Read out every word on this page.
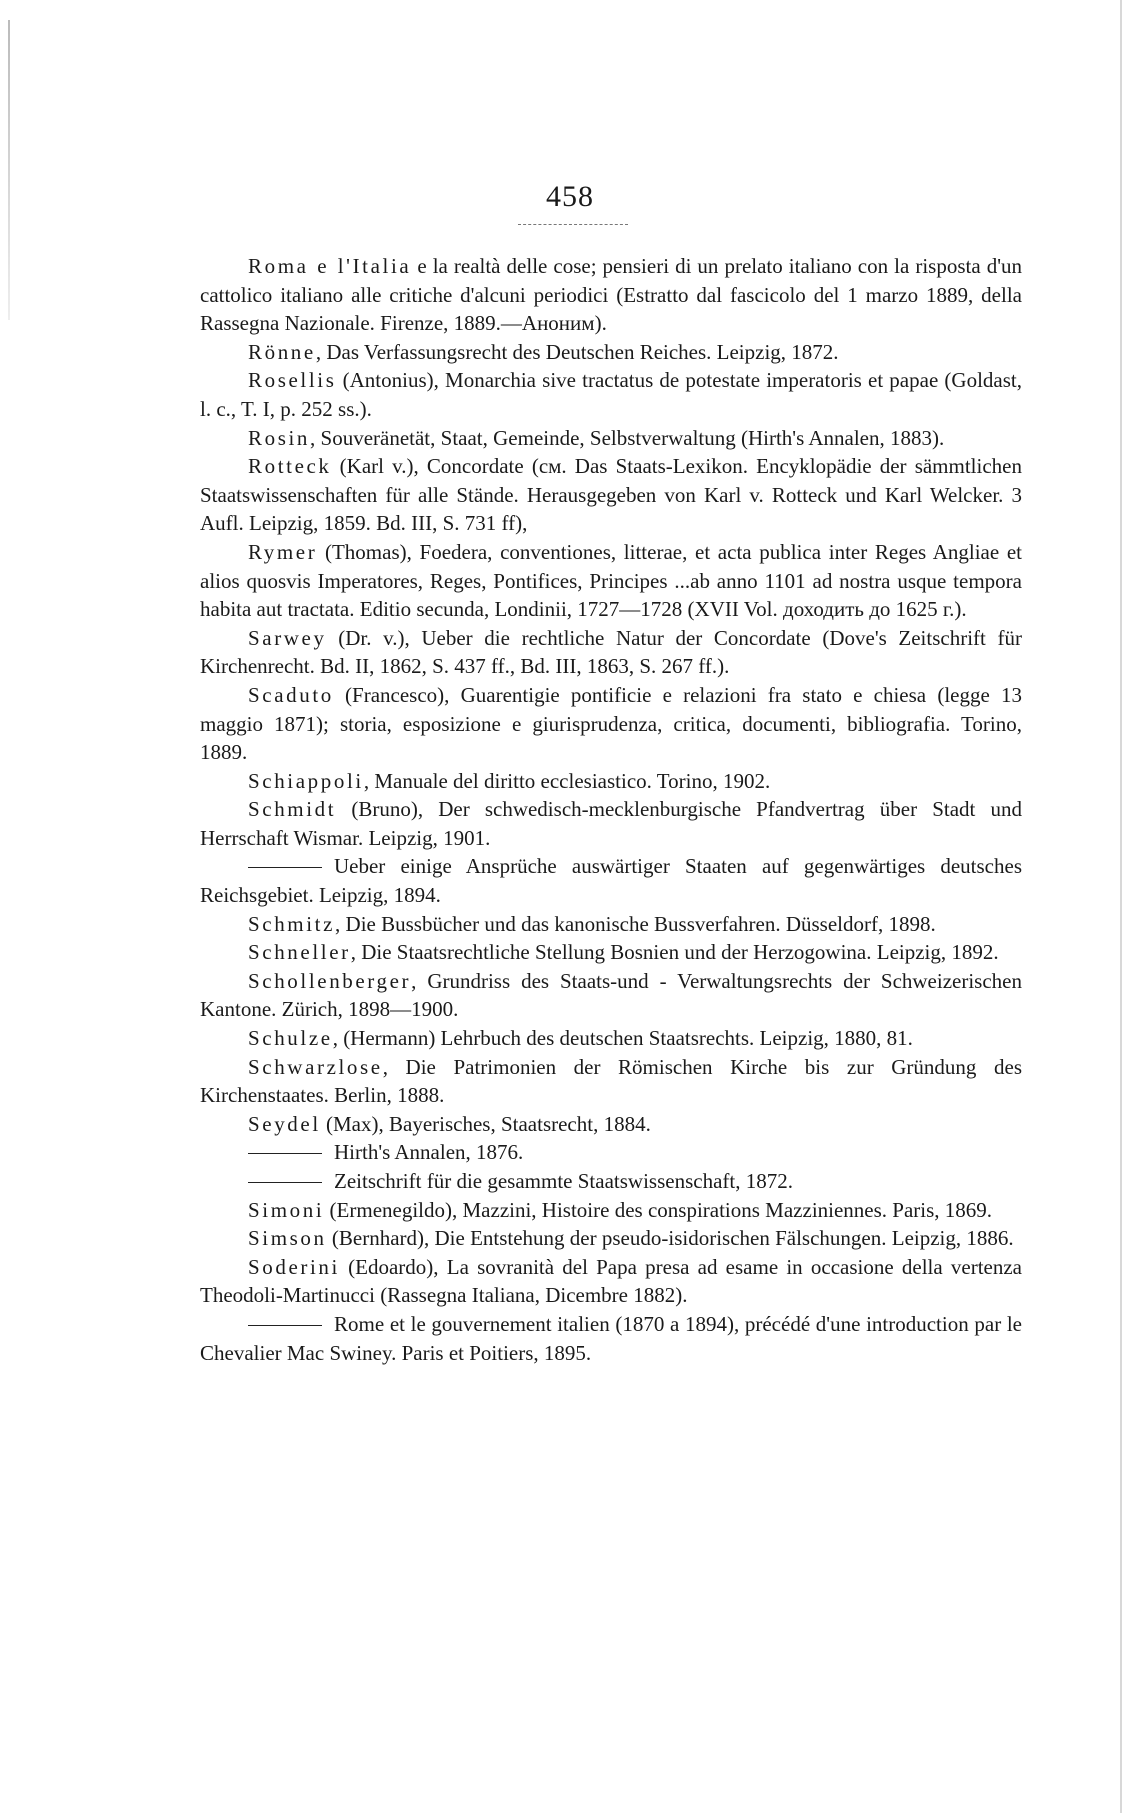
458

Roma e l'Italia e la realtà delle cose; pensieri di un prelato italiano con la risposta d'un cattolico italiano alle critiche d'alcuni periodici (Estratto dal fascicolo del 1 marzo 1889, della Rassegna Nazionale. Firenze, 1889.—Аноним).

Rönne, Das Verfassungsrecht des Deutschen Reiches. Leipzig, 1872.

Rosellis (Antonius), Monarchia sive tractatus de potestate imperatoris et papae (Goldast, l. c., T. I, p. 252 ss.).

Rosin, Souveränetät, Staat, Gemeinde, Selbstverwaltung (Hirth's Annalen, 1883).

Rotteck (Karl v.), Concordate (см. Das Staats-Lexikon. Encyklopädie der sämmtlichen Staatswissenschaften für alle Stände. Herausgegeben von Karl v. Rotteck und Karl Welcker. 3 Aufl. Leipzig, 1859. Bd. III, S. 731 ff),

Rymer (Thomas), Foedera, conventiones, litterae, et acta publica inter Reges Angliae et alios quosvis Imperatores, Reges, Pontifices, Principes ...ab anno 1101 ad nostra usque tempora habita aut tractata. Editio secunda, Londinii, 1727—1728 (XVII Vol. доходить до 1625 г.).

Sarwey (Dr. v.), Ueber die rechtliche Natur der Concordate (Dove's Zeitschrift für Kirchenrecht. Bd. II, 1862, S. 437 ff., Bd. III, 1863, S. 267 ff.).

Scaduto (Francesco), Guarentigie pontificie e relazioni fra stato e chiesa (legge 13 maggio 1871); storia, esposizione e giurisprudenza, critica, documenti, bibliografia. Torino, 1889.

Schiappoli, Manuale del diritto ecclesiastico. Torino, 1902.

Schmidt (Bruno), Der schwedisch-mecklenburgische Pfandvertrag über Stadt und Herrschaft Wismar. Leipzig, 1901.

Ueber einige Ansprüche auswärtiger Staaten auf gegenwärtiges deutsches Reichsgebiet. Leipzig, 1894.

Schmitz, Die Bussbücher und das kanonische Bussverfahren. Düsseldorf, 1898.

Schneller, Die Staatsrechtliche Stellung Bosnien und der Herzogowina. Leipzig, 1892.

Schollenberger, Grundriss des Staats-und - Verwaltungsrechts der Schweizerischen Kantone. Zürich, 1898—1900.

Schulze, (Hermann) Lehrbuch des deutschen Staatsrechts. Leipzig, 1880, 81.

Schwarzlose, Die Patrimonien der Römischen Kirche bis zur Gründung des Kirchenstaates. Berlin, 1888.

Seydel (Max), Bayerisches, Staatsrecht, 1884.

Hirth's Annalen, 1876.

Zeitschrift für die gesammte Staatswissenschaft, 1872.

Simoni (Ermenegildo), Mazzini, Histoire des conspirations Mazziniennes. Paris, 1869.

Simson (Bernhard), Die Entstehung der pseudo-isidorischen Fälschungen. Leipzig, 1886.

Soderini (Edoardo), La sovranità del Papa presa ad esame in occasione della vertenza Theodoli-Martinucci (Rassegna Italiana, Dicembre 1882).

Rome et le gouvernement italien (1870 a 1894), précédé d'une introduction par le Chevalier Mac Swiney. Paris et Poitiers, 1895.
